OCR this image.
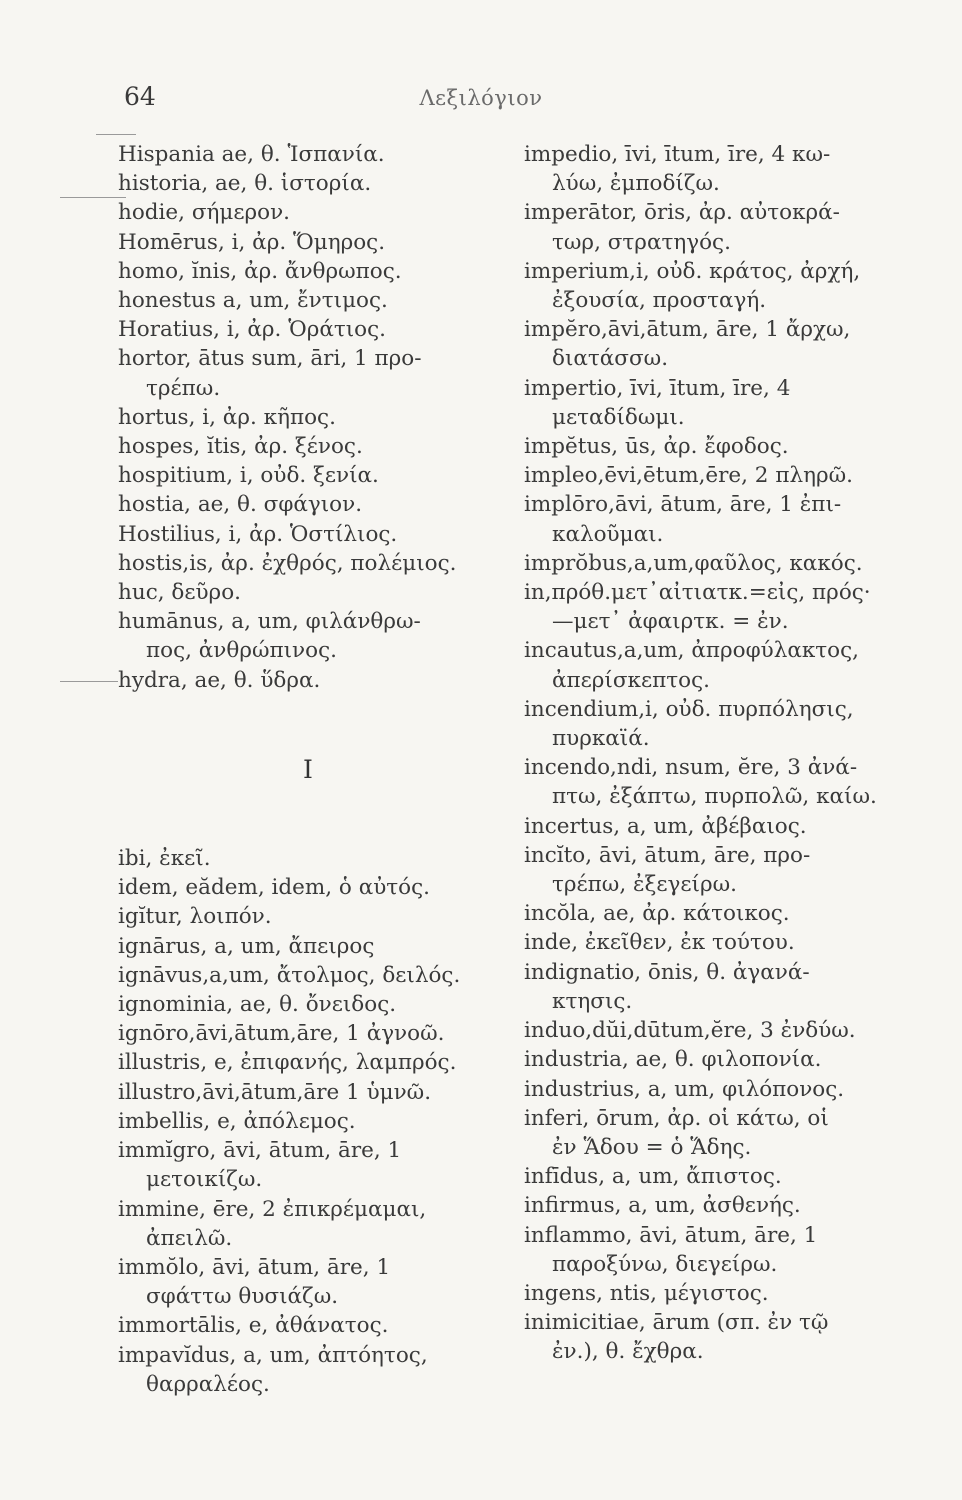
64	Λεξιλόγιον

Hispania ae, θ. Ἱσπανία.

historia, ae, θ. ἱστορία.

hodie, σήμερον.

Homērus, i, ἀρ. Ὅμηρος.

homo, ĭnis, ἀρ. ἄνθρωπος.

honestus a, um, ἔντιμος.

Horatius, i, ἀρ. Ὁράτιος.

hortor, ātus sum, āri, 1 προ-

τρέπω.

hortus, i, ἀρ. κῆπος.

hospes, ĭtis, ἀρ. ξένος.

hospitium, i, οὐδ. ξενία.

hostia, ae, θ. σφάγιον.

Hostilius, i, ἀρ. Ὁστίλιος.

hostis,is, ἀρ. ἐχθρός, πολέμιος.

huc, δεῦρο.

humānus, a, um, φιλάνθρω-

πος, ἀνθρώπινος.

hydra, ae, θ. ὕδρα.

I

ibi, ἐκεῖ.

idem, eădem, idem, ὁ αὐτός.

igĭtur, λοιπόν.

ignārus, a, um, ἄπειρος

ignāvus,a,um, ἄτολμος, δειλός.

ignominia, ae, θ. ὄνειδος.

ignōro,āvi,ātum,āre, 1 ἀγνοῶ.

illustris, e, ἐπιφανής, λαμπρός.

illustro,āvi,ātum,āre 1 ὑμνῶ.

imbellis, e, ἀπόλεμος.

immĭgro, āvi, ātum, āre, 1

μετοικίζω.

immine, ēre, 2 ἐπικρέμαμαι,

ἀπειλῶ.

immŏlo, āvi, ātum, āre, 1

σφάττω θυσιάζω.

immortālis, e, ἀθάνατος.

impavĭdus, a, um, ἀπτόητος,

θαρραλέος.

impedio, īvi, ītum, īre, 4 κω-

λύω, ἐμποδίζω.

imperātor, ōris, ἀρ. αὐτοκρά-

τωρ, στρατηγός.

imperium,i, οὐδ. κράτος, ἀρχή,

ἐξουσία, προσταγή.

impĕro,āvi,ātum, āre, 1 ἄρχω,

διατάσσω.

impertio, īvi, ītum, īre, 4

μεταδίδωμι.

impĕtus, ūs, ἀρ. ἔφοδος.

impleo,ēvi,ētum,ēre, 2 πληρῶ.

implōro,āvi, ātum, āre, 1 ἐπι-

καλοῦμαι.

imprŏbus,a,um,φαῦλος, κακός.

in,πρόθ.μετ᾽αἰτιατκ.=εἰς, πρός·

—μετ᾽ ἀφαιρτκ. = ἐν.

incautus,a,um, ἀπροφύλακτος,

ἀπερίσκεπτος.

incendium,i, οὐδ. πυρπόλησις,

πυρκαϊά.

incendo,ndi, nsum, ĕre, 3 ἀνά-

πτω, ἐξάπτω, πυρπολῶ, καίω.

incertus, a, um, ἀβέβαιος.

incĭto, āvi, ātum, āre, προ-

τρέπω, ἐξεγείρω.

incŏla, ae, ἀρ. κάτοικος.

inde, ἐκεῖθεν, ἐκ τούτου.

indignatio, ōnis, θ. ἀγανά-

κτησις.

induo,dŭi,dūtum,ĕre, 3 ἐνδύω.

industria, ae, θ. φιλοπονία.

industrius, a, um, φιλόπονος.

inferi, ōrum, ἀρ. οἱ κάτω, οἱ

ἐν Ἅδου = ὁ Ἅδης.

infīdus, a, um, ἄπιστος.

infirmus, a, um, ἀσθενής.

inflammo, āvi, ātum, āre, 1

παροξύνω, διεγείρω.

ingens, ntis, μέγιστος.

inimicitiae, ārum (σπ. ἐν τῷ

ἐν.), θ. ἔχθρα.
